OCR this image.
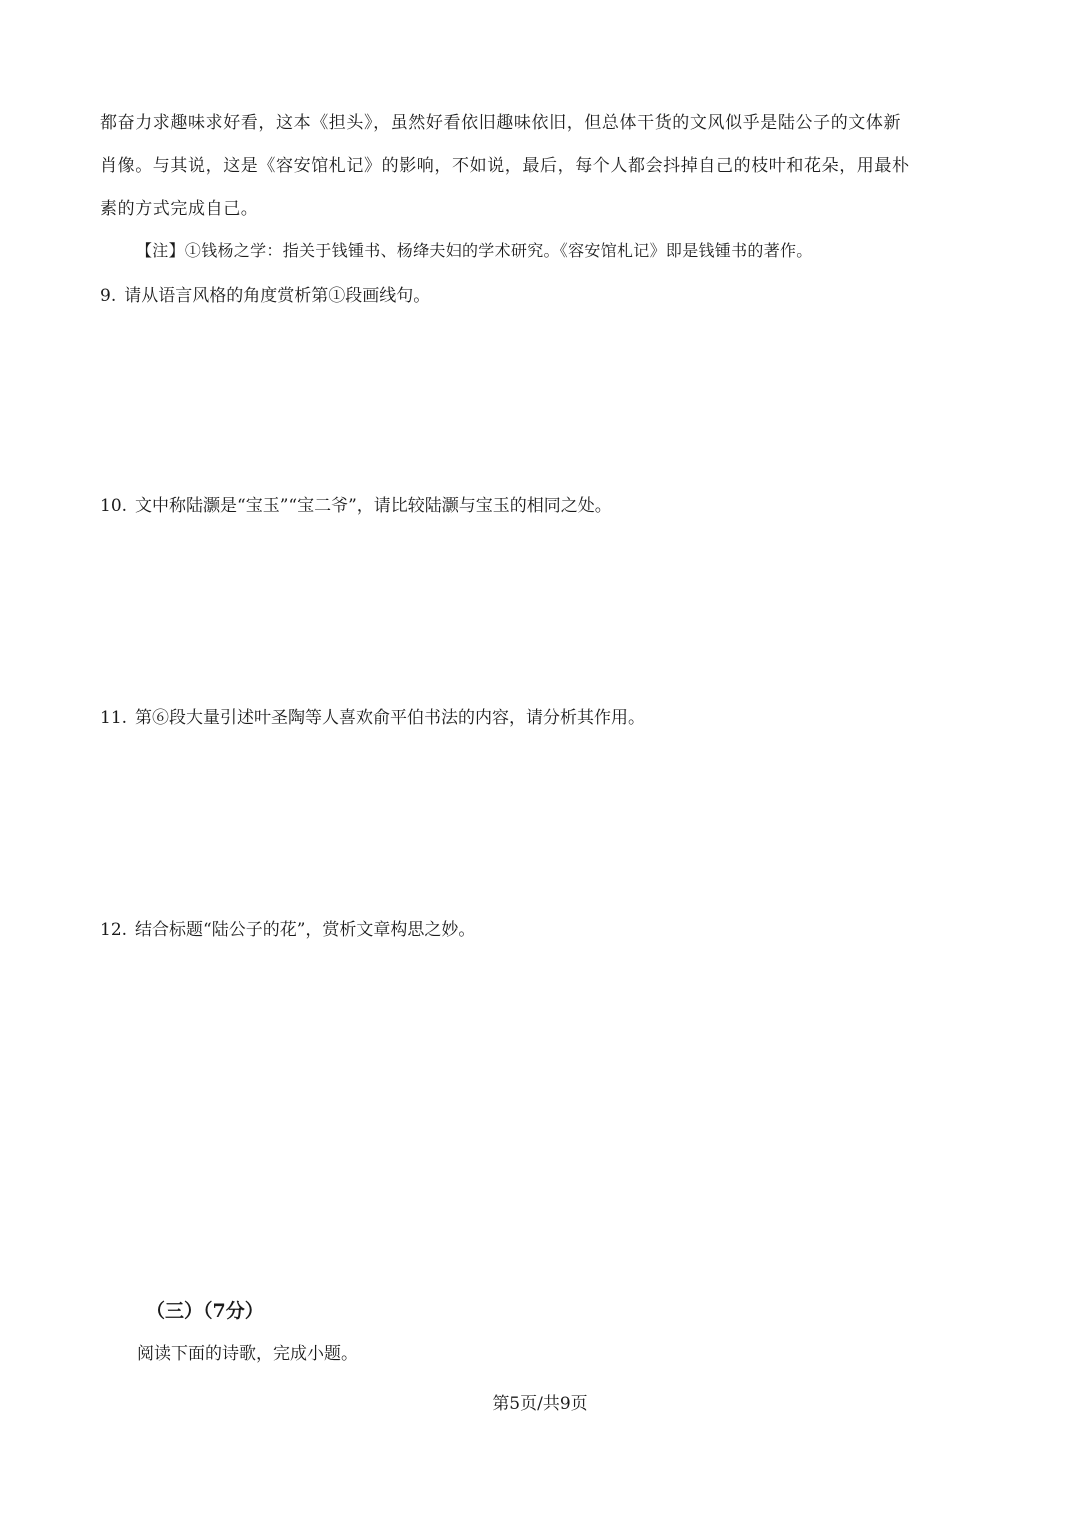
都奋力求趣味求好看，这本《担头》，虽然好看依旧趣味依旧，但总体干货的文风似乎是陆公子的文体新
肖像。与其说，这是《容安馆札记》的影响，不如说，最后，每个人都会抖掉自己的枝叶和花朵，用最朴
素的方式完成自己。
【注】①钱杨之学：指关于钱锺书、杨绛夫妇的学术研究。《容安馆札记》即是钱锺书的著作。
9. 请从语言风格的角度赏析第①段画线句。
10. 文中称陆灏是“宝玉”“宝二爷”，请比较陆灏与宝玉的相同之处。
11. 第⑥段大量引述叶圣陶等人喜欢俞平伯书法的内容，请分析其作用。
12. 结合标题“陆公子的花”，赏析文章构思之妙。
（三）（7分）
阅读下面的诗歌，完成小题。
第5页/共9页
